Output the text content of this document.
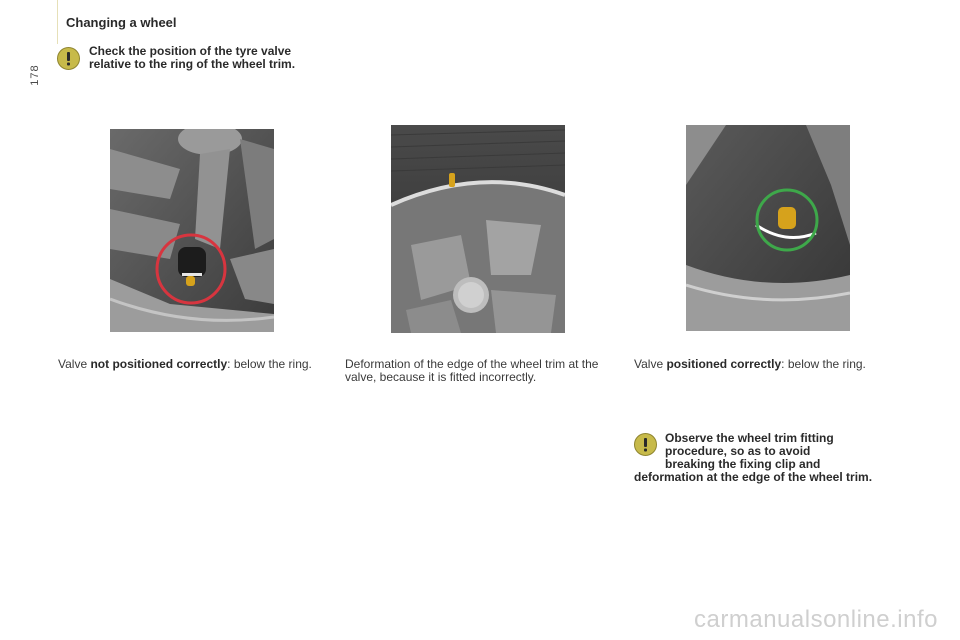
178
Changing a wheel
Check the position of the tyre valve relative to the ring of the wheel trim.
Valve not positioned correctly: below the ring.	Deformation of the edge of the wheel trim at the valve, because it is fitted incorrectly.
Valve positioned correctly: below the ring.
Observe the wheel trim fitting
procedure, so as to avoid
breaking the fixing clip and
deformation at the edge of the wheel trim.
carmanualsonline.info
